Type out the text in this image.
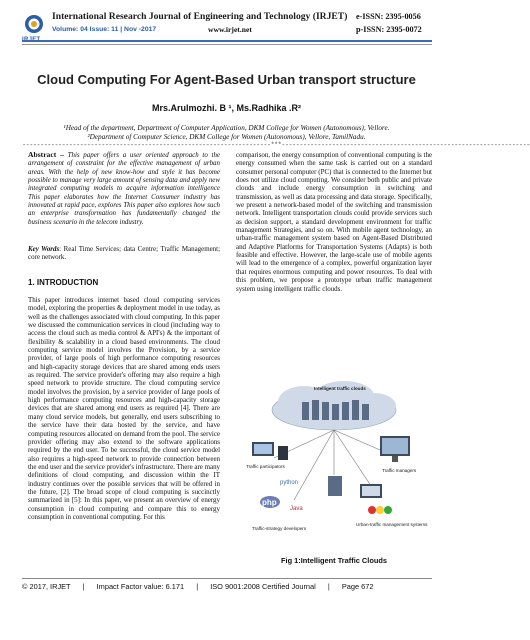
International Research Journal of Engineering and Technology (IRJET) e-ISSN: 2395-0056
Volume: 04 Issue: 11 | Nov -2017	www.irjet.net	p-ISSN: 2395-0072
Cloud Computing For Agent-Based Urban transport structure
Mrs.Arulmozhi. B ¹, Ms.Radhika .R²
¹Head of the department, Department of Computer Application, DKM College for Women (Autonomous), Vellore.
²Department of Computer Science, DKM College for Women (Autonomous), Vellore, TamilNadu.
---------------------------------------------------------------------***---------------------------------------------------------------------
Abstract – This paper offers a user oriented approach to the arrangement of constraint for the effective management of urban areas. With the help of new know-how and style it has become possible to manage very large amount of sensing data and apply new integrated computing models to acquire information intelligence This paper elaborates how the Internet Consumer industry has innovated at rapid pace, explores This paper also explores how such an enterprise transformation has fundamentally changed the business scenario in the telecom industry.
Key Words: Real Time Services; data Centre; Traffic Management; core network.
1. INTRODUCTION
This paper introduces internet based cloud computing services model, exploring the properties & deployment model in use today, as well as the challenges associated with cloud computing. In this paper we discussed the communication services in cloud (including way to access the cloud such as media control & API's) & the important of flexibility & scalability in a cloud based environments. The cloud computing service model involves the Provision, by a service provider, of large pools of high performance computing resources and high-capacity storage devices that are shared among ends users as required. The service provider's offering may also require a high speed network to provide structure. The cloud computing service model involves the provision, by a service provider of large pools of high performance computing resources and high-capacity storage devices that are shared among end users as required [4]. There are many cloud service models, but generally, end users subscribing to the service have their data hosted by the service, and have computing resources allocated on demand from the pool. The service provider offering may also extend to the software applications required by the end user. To be successful, the cloud service model also requires a high-speed network to provide connection between the end user and the service provider's infrastructure. There are many definitions of cloud computing, and discussion within the IT industry continues over the possible services that will be offered in the future, [2]. The broad scope of cloud computing is succinctly summarized in [5]: In this paper, we present an overview of energy consumption in cloud computing and compare this to energy consumption in conventional computing. For this
comparison, the energy consumption of conventional computing is the energy consumed when the same task is carried out on a standard consumer personal computer (PC) that is connected to the Internet but does not utilize cloud computing. We consider both public and private clouds and include energy consumption in switching and transmission, as well as data processing and data storage. Specifically, we present a network-based model of the switching and transmission network. Intelligent transportation clouds could provide services such as decision support, a standard development environment for traffic management Strategies, and so on. With mobile agent technology, an urban-traffic management system based on Agent-Based Distributed and Adaptive Platforms for Transportation Systems (Adapts) is both feasible and effective. However, the large-scale use of mobile agents will lead to the emergence of a complex, powerful organization layer that requires enormous computing and power resources. To deal with this problem, we propose a prototype urban traffic management system using intelligent traffic clouds.
Intelligent traffic clouds
Traffic participators
Traffic managers
python
php
Java
Traffic-strategy developers
Urban-traffic management systems
Fig 1:Intelligent Traffic Clouds
© 2017, IRJET | Impact Factor value: 6.171 | ISO 9001:2008 Certified Journal | Page 672
